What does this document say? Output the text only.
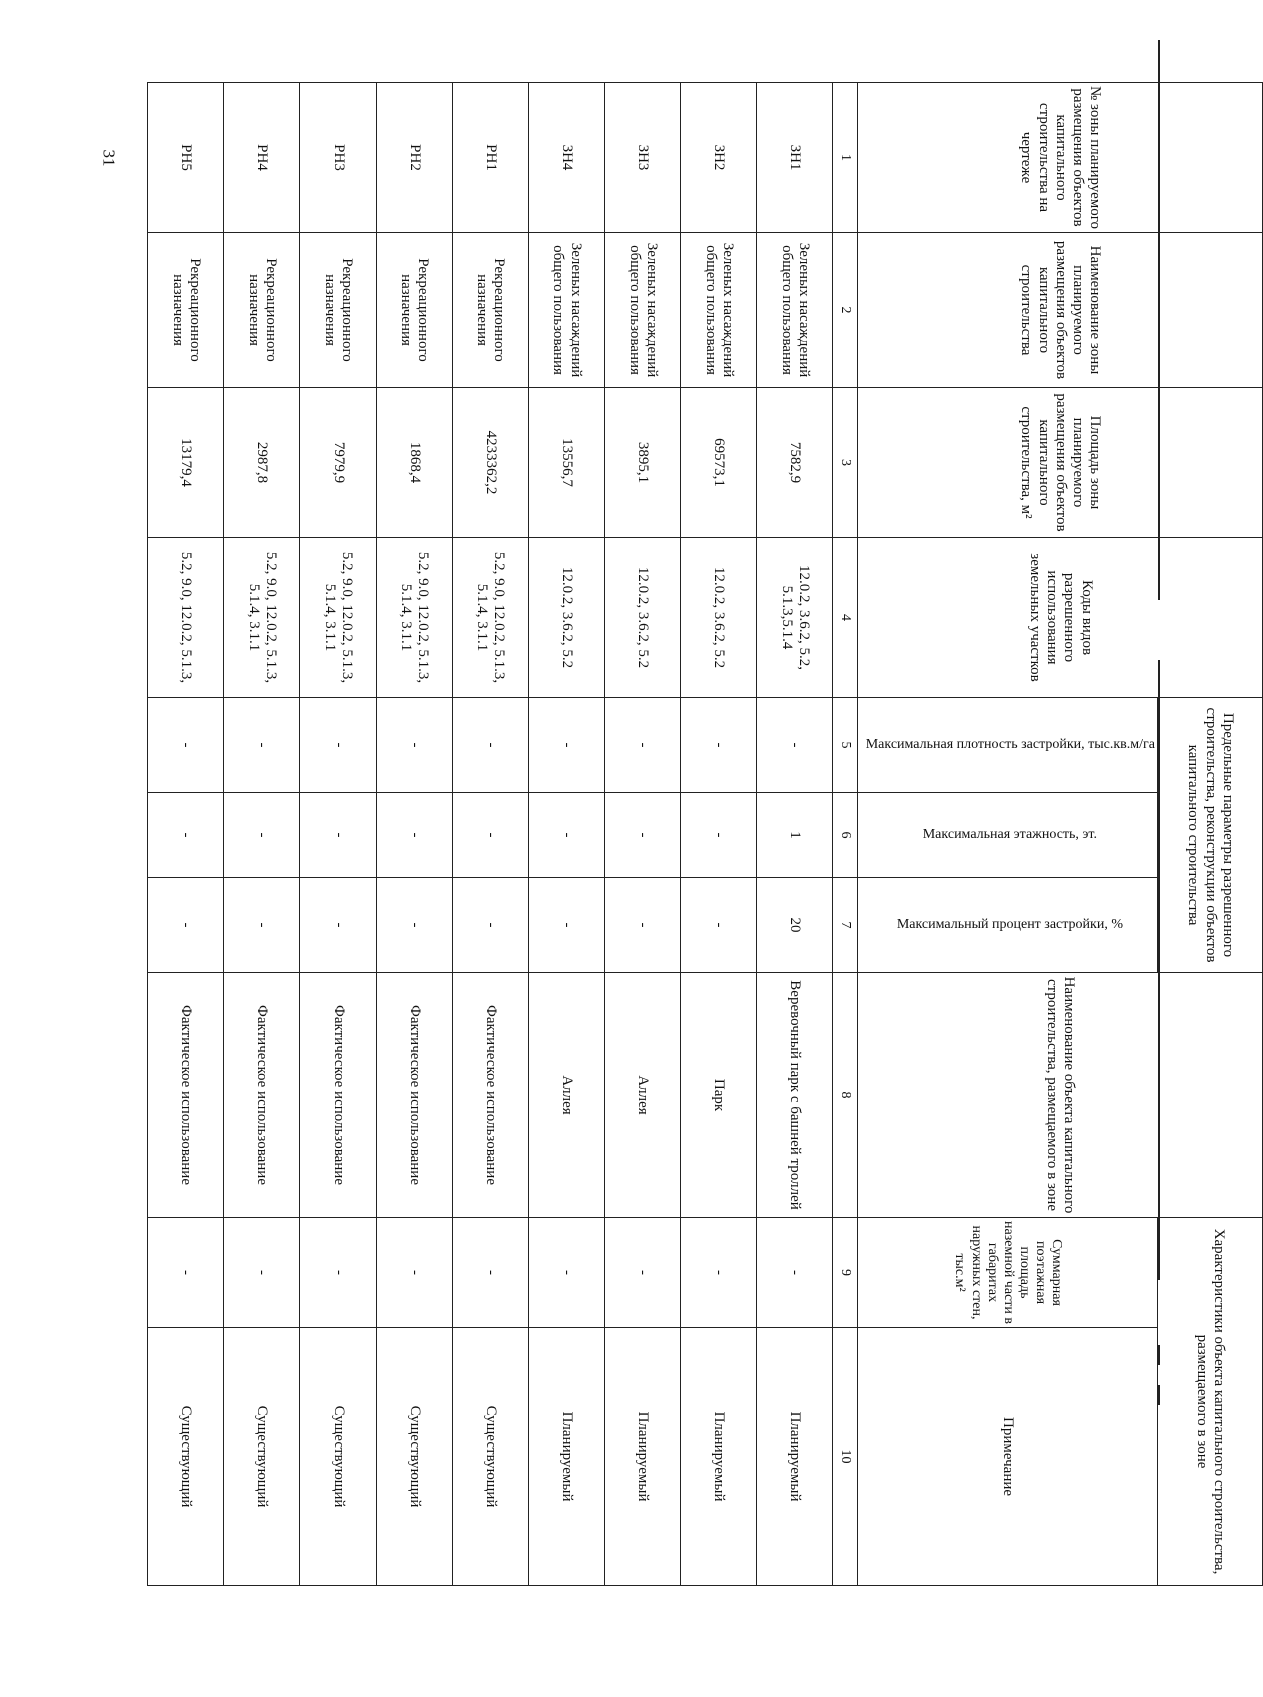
31	№ зоны планируемого размещения объектов капитального строительства на чертеже	Наименование зоны планируемого размещения объектов капитального строительства	Площадь зоны планируемого размещения объектов капитального строительства, м²	Коды видов разрешенного использования земельных участков	Предельные параметры разрешенного строительства, реконструкции объектов капитального строительства			Наименование объекта капитального строительства, размещаемого в зоне	Характеристики объекта капитального строительства, размещаемого в зоне	
				Максимальная плотность застройки, тыс.кв.м/га	Максимальная этажность, эт.	Максимальный процент застройки, %		Суммарная поэтажная площадь наземной части в габаритах наружных стен, тыс.м²	Примечание
1	2	3	4	5	6	7	8	9	10
ЗН1	Зеленых насаждений общего пользования	7582,9	12.0.2, 3.6.2, 5.2, 5.1.3,5.1.4	-	1	20	Веревочный парк с башней троллей	-	Планируемый
ЗН2	Зеленых насаждений общего пользования	69573,1	12.0.2, 3.6.2, 5.2	-	-	-	Парк	-	Планируемый
ЗН3	Зеленых насаждений общего пользования	3895,1	12.0.2, 3.6.2, 5.2	-	-	-	Аллея	-	Планируемый
ЗН4	Зеленых насаждений общего пользования	13556,7	12.0.2, 3.6.2, 5.2	-	-	-	Аллея	-	Планируемый
РН1	Рекреационного назначения	4233362,2	5.2, 9.0, 12.0.2, 5.1.3, 5.1.4, 3.1.1	-	-	-	Фактическое использование	-	Существующий
РН2	Рекреационного назначения	1868,4	5.2, 9.0, 12.0.2, 5.1.3, 5.1.4, 3.1.1	-	-	-	Фактическое использование	-	Существующий
РН3	Рекреационного назначения	7979,9	5.2, 9.0, 12.0.2, 5.1.3, 5.1.4, 3.1.1	-	-	-	Фактическое использование	-	Существующий
РН4	Рекреационного назначения	2987,8	5.2, 9.0, 12.0.2, 5.1.3, 5.1.4, 3.1.1	-	-	-	Фактическое использование	-	Существующий
РН5	Рекреационного назначения	13179,4	5.2, 9.0, 12.0.2, 5.1.3,	-	-	-	Фактическое использование	-	Существующий
